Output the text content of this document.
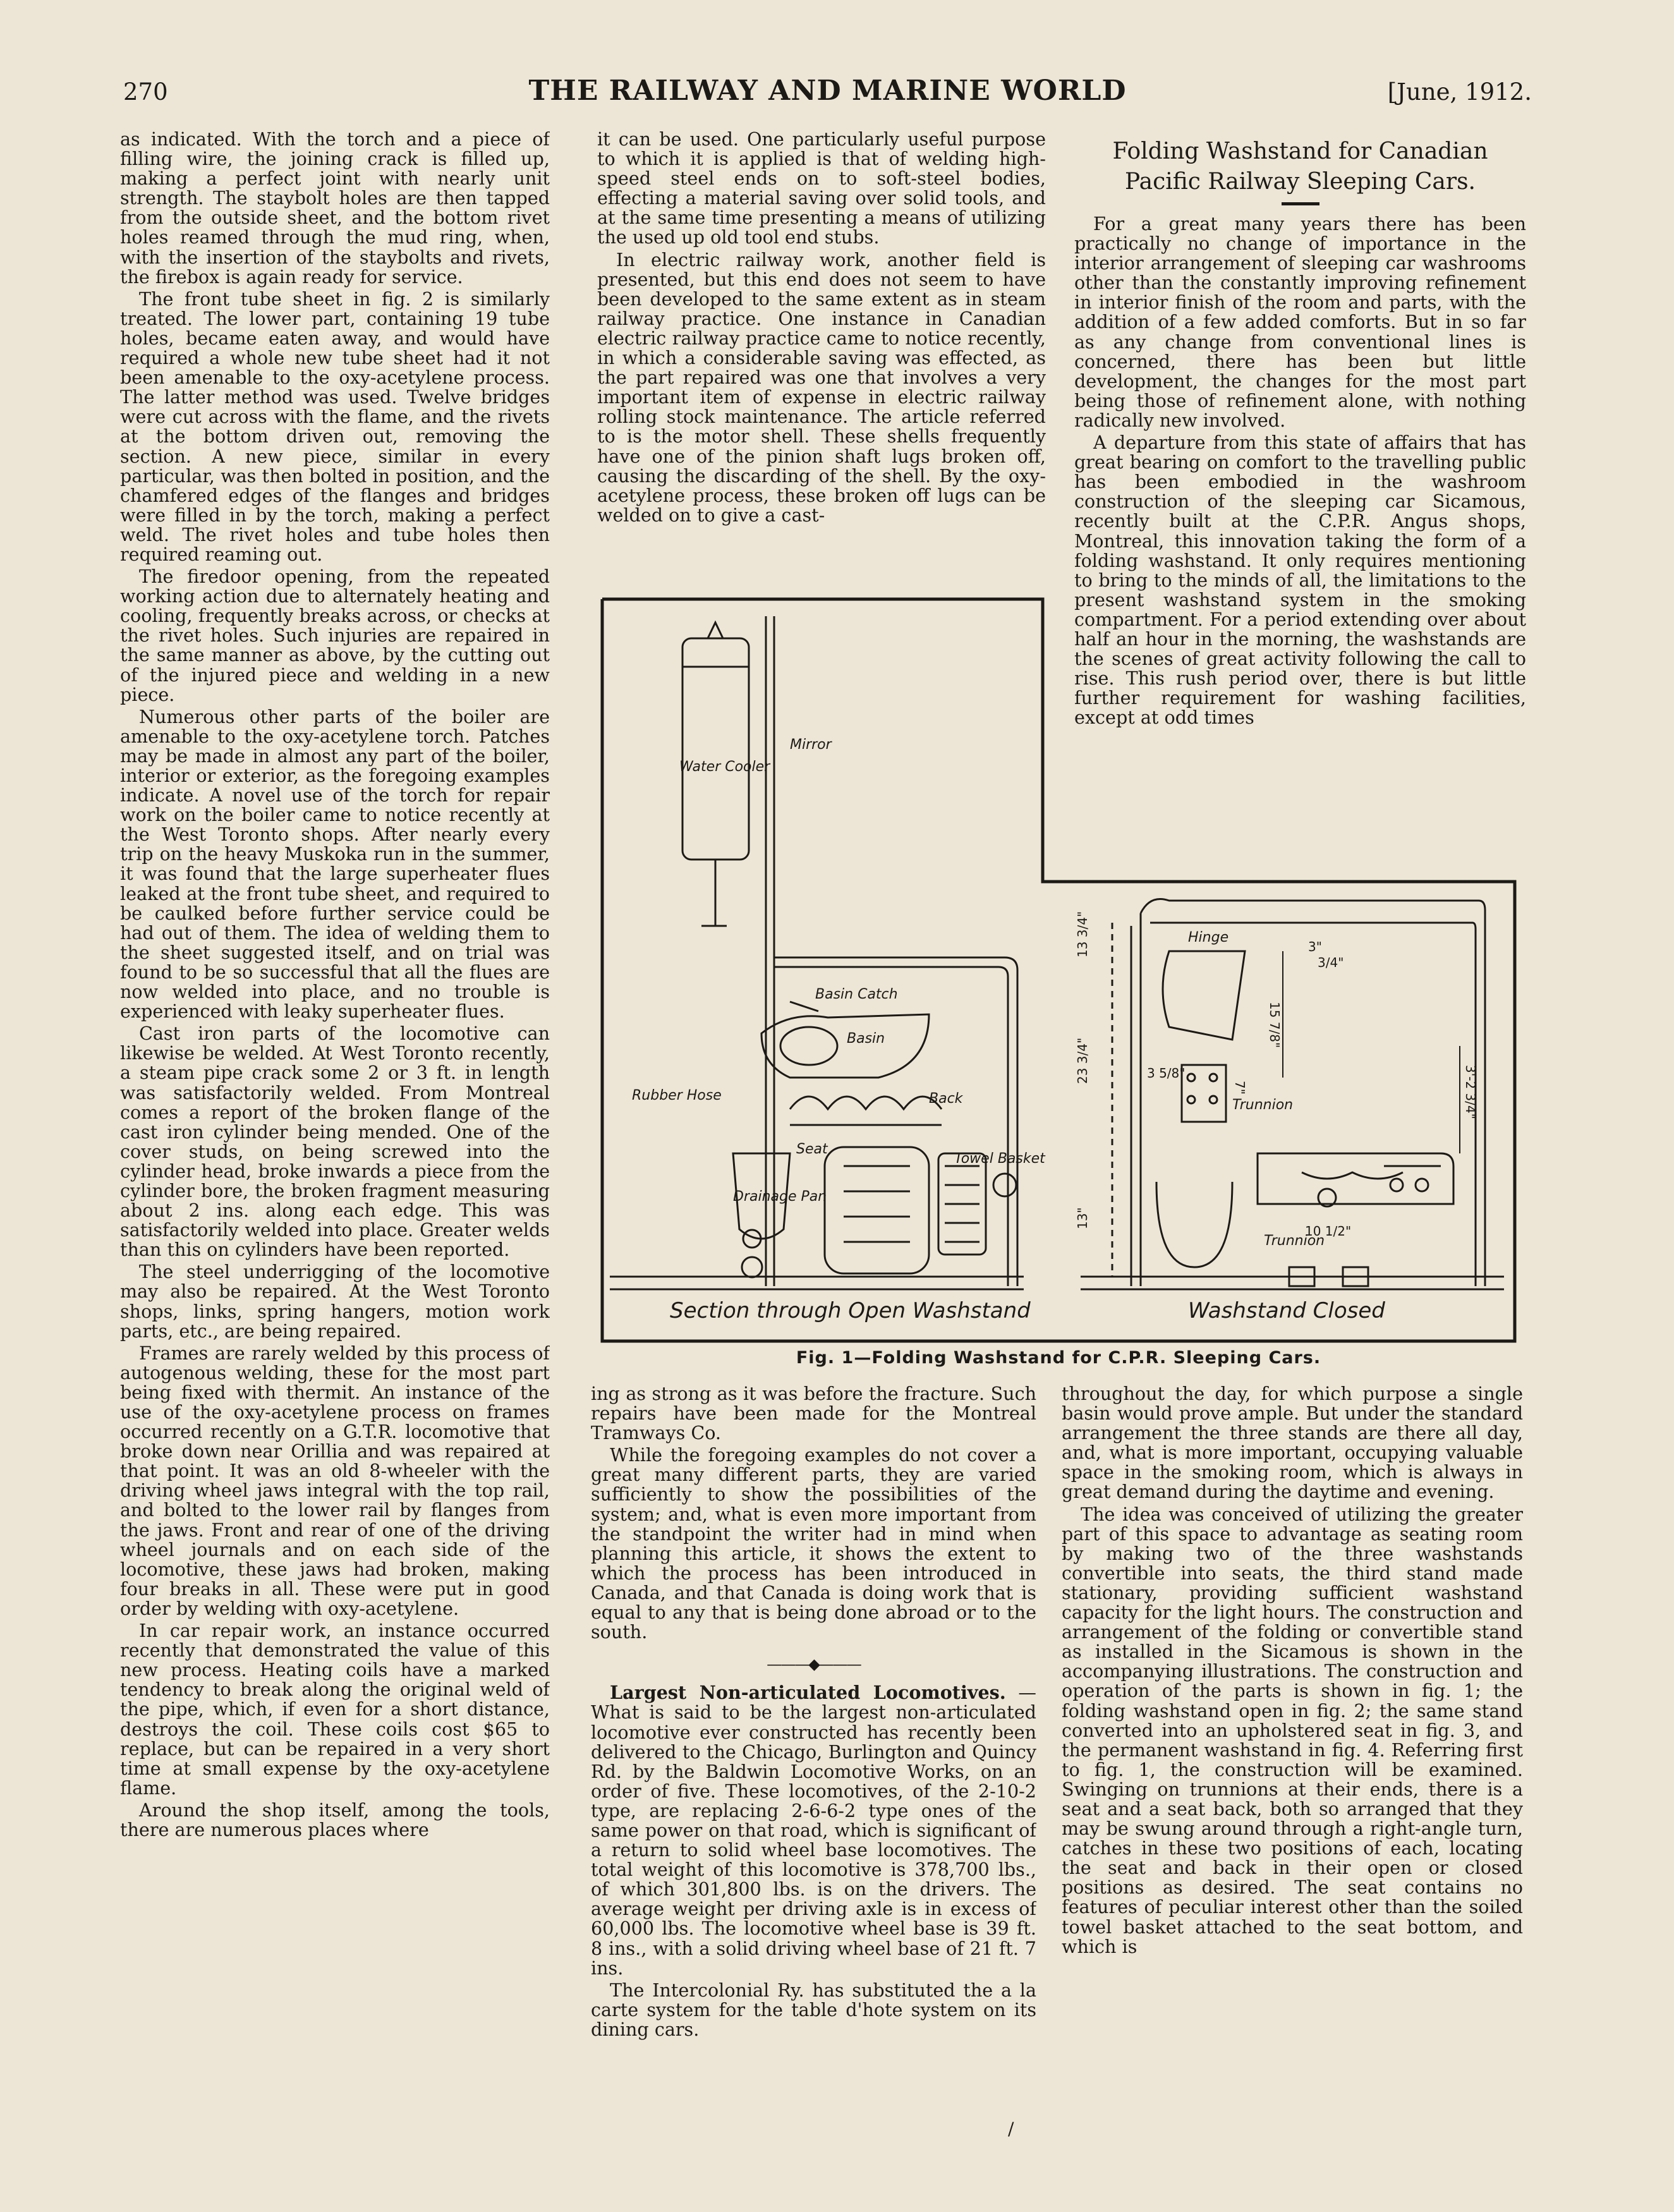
270	THE RAILWAY AND MARINE WORLD	[June, 1912.

as indicated. With the torch and a piece of filling wire, the joining crack is filled up, making a perfect joint with nearly unit strength. The staybolt holes are then tapped from the outside sheet, and the bottom rivet holes reamed through the mud ring, when, with the insertion of the staybolts and rivets, the firebox is again ready for service.

The front tube sheet in fig. 2 is similarly treated. The lower part, containing 19 tube holes, became eaten away, and would have required a whole new tube sheet had it not been amenable to the oxy-acetylene process. The latter method was used. Twelve bridges were cut across with the flame, and the rivets at the bottom driven out, removing the section. A new piece, similar in every particular, was then bolted in position, and the chamfered edges of the flanges and bridges were filled in by the torch, making a perfect weld. The rivet holes and tube holes then required reaming out.

The firedoor opening, from the repeated working action due to alternately heating and cooling, frequently breaks across, or checks at the rivet holes. Such injuries are repaired in the same manner as above, by the cutting out of the injured piece and welding in a new piece.

Numerous other parts of the boiler are amenable to the oxy-acetylene torch. Patches may be made in almost any part of the boiler, interior or exterior, as the foregoing examples indicate. A novel use of the torch for repair work on the boiler came to notice recently at the West Toronto shops. After nearly every trip on the heavy Muskoka run in the summer, it was found that the large superheater flues leaked at the front tube sheet, and required to be caulked before further service could be had out of them. The idea of welding them to the sheet suggested itself, and on trial was found to be so successful that all the flues are now welded into place, and no trouble is experienced with leaky superheater flues.

Cast iron parts of the locomotive can likewise be welded. At West Toronto recently, a steam pipe crack some 2 or 3 ft. in length was satisfactorily welded. From Montreal comes a report of the broken flange of the cast iron cylinder being mended. One of the cover studs, on being screwed into the cylinder head, broke inwards a piece from the cylinder bore, the broken fragment measuring about 2 ins. along each edge. This was satisfactorily welded into place. Greater welds than this on cylinders have been reported.

The steel underrigging of the locomotive may also be repaired. At the West Toronto shops, links, spring hangers, motion work parts, etc., are being repaired.

Frames are rarely welded by this process of autogenous welding, these for the most part being fixed with thermit. An instance of the use of the oxy-acetylene process on frames occurred recently on a G.T.R. locomotive that broke down near Orillia and was repaired at that point. It was an old 8-wheeler with the driving wheel jaws integral with the top rail, and bolted to the lower rail by flanges from the jaws. Front and rear of one of the driving wheel journals and on each side of the locomotive, these jaws had broken, making four breaks in all. These were put in good order by welding with oxy-acetylene.

In car repair work, an instance occurred recently that demonstrated the value of this new process. Heating coils have a marked tendency to break along the original weld of the pipe, which, if even for a short distance, destroys the coil. These coils cost $65 to replace, but can be repaired in a very short time at small expense by the oxy-acetylene flame.

Around the shop itself, among the tools, there are numerous places where

it can be used. One particularly useful purpose to which it is applied is that of welding high-speed steel ends on to soft-steel bodies, effecting a material saving over solid tools, and at the same time presenting a means of utilizing the used up old tool end stubs.

In electric railway work, another field is presented, but this end does not seem to have been developed to the same extent as in steam railway practice. One instance in Canadian electric railway practice came to notice recently, in which a considerable saving was effected, as the part repaired was one that involves a very important item of expense in electric railway rolling stock maintenance. The article referred to is the motor shell. These shells frequently have one of the pinion shaft lugs broken off, causing the discarding of the shell. By the oxy-acetylene process, these broken off lugs can be welded on to give a cast-

Folding Washstand for Canadian Pacific Railway Sleeping Cars.

For a great many years there has been practically no change of importance in the interior arrangement of sleeping car washrooms other than the constantly improving refinement in interior finish of the room and parts, with the addition of a few added comforts. But in so far as any change from conventional lines is concerned, there has been but little development, the changes for the most part being those of refinement alone, with nothing radically new involved.

A departure from this state of affairs that has great bearing on comfort to the travelling public has been embodied in the washroom construction of the sleeping car Sicamous, recently built at the C.P.R. Angus shops, Montreal, this innovation taking the form of a folding washstand. It only requires mentioning to bring to the minds of all, the limitations to the present washstand system in the smoking compartment. For a period extending over about half an hour in the morning, the washstands are the scenes of great activity following the call to rise. This rush period over, there is but little further requirement for washing facilities, except at odd times

Water Cooler
Mirror
Basin Catch
Basin
Back
Rubber Hose
Seat
Drainage Pan
Towel Basket
Hinge
Trunnion
Trunnion
13 3/4"
23 3/4"
13"
15 7/8"
3 5/8"
7"	3'-2 3/4"
10 1/2"
3"
3/4"
Section through Open Washstand	Washstand Closed
Fig. 1—Folding Washstand for C.P.R. Sleeping Cars.

ing as strong as it was before the fracture. Such repairs have been made for the Montreal Tramways Co.

While the foregoing examples do not cover a great many different parts, they are varied sufficiently to show the possibilities of the system; and, what is even more important from the standpoint the writer had in mind when planning this article, it shows the extent to which the process has been introduced in Canada, and that Canada is doing work that is equal to any that is being done abroad or to the south.

———◆———

Largest Non-articulated Locomotives. —What is said to be the largest non-articulated locomotive ever constructed has recently been delivered to the Chicago, Burlington and Quincy Rd. by the Baldwin Locomotive Works, on an order of five. These locomotives, of the 2-10-2 type, are replacing 2-6-6-2 type ones of the same power on that road, which is significant of a return to solid wheel base locomotives. The total weight of this locomotive is 378,700 lbs., of which 301,800 lbs. is on the drivers. The average weight per driving axle is in excess of 60,000 lbs. The locomotive wheel base is 39 ft. 8 ins., with a solid driving wheel base of 21 ft. 7 ins.

The Intercolonial Ry. has substituted the a la carte system for the table d'hote system on its dining cars.

throughout the day, for which purpose a single basin would prove ample. But under the standard arrangement the three stands are there all day, and, what is more important, occupying valuable space in the smoking room, which is always in great demand during the daytime and evening.

The idea was conceived of utilizing the greater part of this space to advantage as seating room by making two of the three washstands convertible into seats, the third stand made stationary, providing sufficient washstand capacity for the light hours. The construction and arrangement of the folding or convertible stand as installed in the Sicamous is shown in the accompanying illustrations. The construction and operation of the parts is shown in fig. 1; the folding washstand open in fig. 2; the same stand converted into an upholstered seat in fig. 3, and the permanent washstand in fig. 4. Referring first to fig. 1, the construction will be examined. Swinging on trunnions at their ends, there is a seat and a seat back, both so arranged that they may be swung around through a right-angle turn, catches in these two positions of each, locating the seat and back in their open or closed positions as desired. The seat contains no features of peculiar interest other than the soiled towel basket attached to the seat bottom, and which is

/
